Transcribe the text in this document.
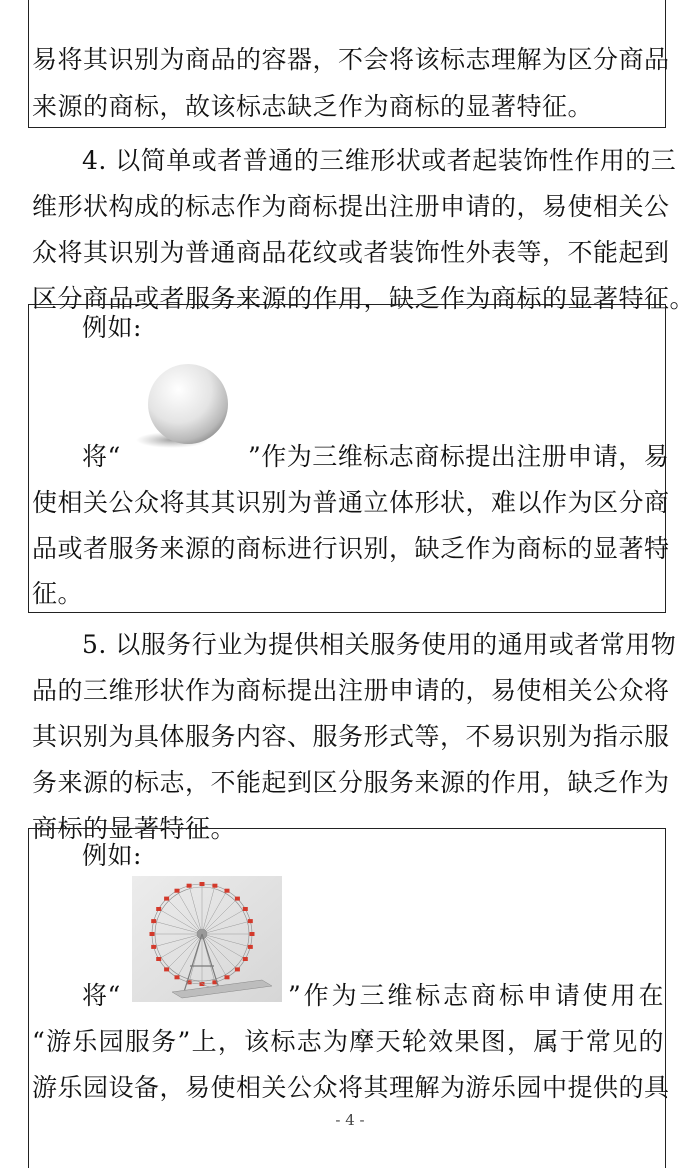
易将其识别为商品的容器，不会将该标志理解为区分商品
来源的商标，故该标志缺乏作为商标的显著特征。
4. 以简单或者普通的三维形状或者起装饰性作用的三
维形状构成的标志作为商标提出注册申请的，易使相关公
众将其识别为普通商品花纹或者装饰性外表等，不能起到
区分商品或者服务来源的作用，缺乏作为商标的显著特征。
例如:
将“	”作为三维标志商标提出注册申请，易
使相关公众将其其识别为普通立体形状，难以作为区分商
品或者服务来源的商标进行识别，缺乏作为商标的显著特
征。
5. 以服务行业为提供相关服务使用的通用或者常用物
品的三维形状作为商标提出注册申请的，易使相关公众将
其识别为具体服务内容、服务形式等，不易识别为指示服
务来源的标志，不能起到区分服务来源的作用，缺乏作为
商标的显著特征。
例如:
将“	”作为三维标志商标申请使用在
“游乐园服务”上，该标志为摩天轮效果图，属于常见的
游乐园设备，易使相关公众将其理解为游乐园中提供的具
- 4 -
